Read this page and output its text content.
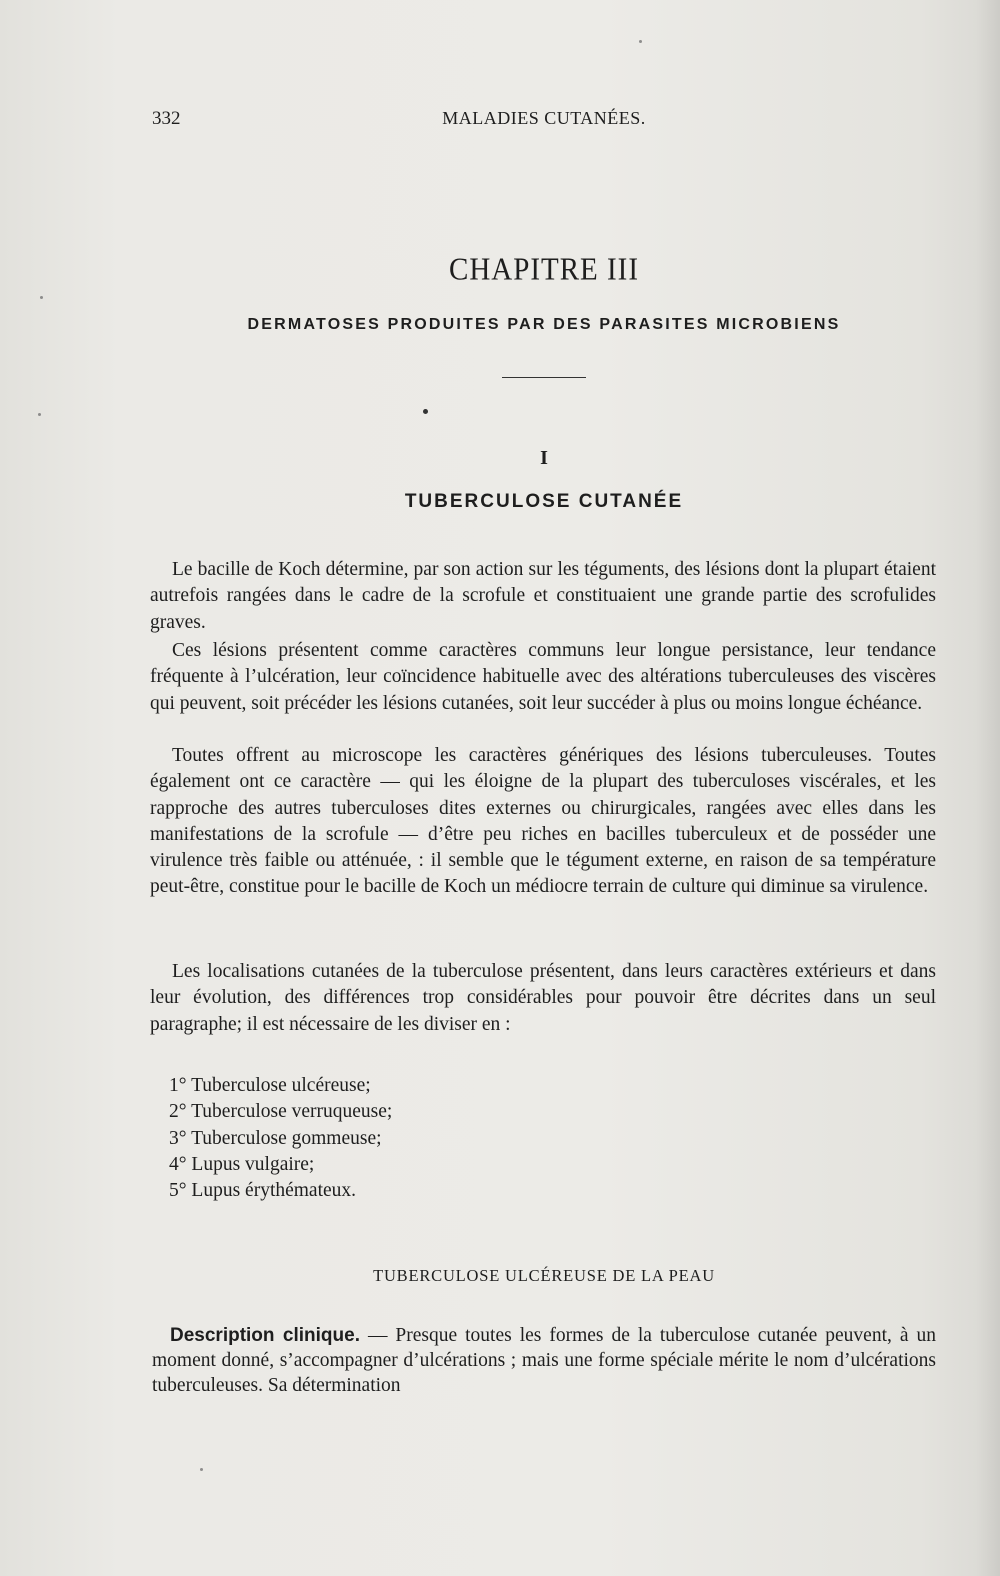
332	MALADIES CUTANÉES.
CHAPITRE III
DERMATOSES PRODUITES PAR DES PARASITES MICROBIENS
I
TUBERCULOSE CUTANÉE

Le bacille de Koch détermine, par son action sur les téguments, des lésions dont la plupart étaient autrefois rangées dans le cadre de la scrofule et constituaient une grande partie des scrofulides graves.

Ces lésions présentent comme caractères communs leur longue persistance, leur tendance fréquente à l’ulcération, leur coïncidence habituelle avec des altérations tuberculeuses des viscères qui peuvent, soit précéder les lésions cutanées, soit leur succéder à plus ou moins longue échéance.

Toutes offrent au microscope les caractères génériques des lésions tuberculeuses. Toutes également ont ce caractère — qui les éloigne de la plupart des tuberculoses viscérales, et les rapproche des autres tuberculoses dites externes ou chirurgicales, rangées avec elles dans les manifestations de la scrofule — d’être peu riches en bacilles tuberculeux et de posséder une virulence très faible ou atténuée, : il semble que le tégument externe, en raison de sa température peut-être, constitue pour le bacille de Koch un médiocre terrain de culture qui diminue sa virulence.

Les localisations cutanées de la tuberculose présentent, dans leurs caractères extérieurs et dans leur évolution, des différences trop considérables pour pouvoir être décrites dans un seul paragraphe; il est nécessaire de les diviser en :

1° Tuberculose ulcéreuse;
2° Tuberculose verruqueuse;
3° Tuberculose gommeuse;
4° Lupus vulgaire;
5° Lupus érythémateux.
TUBERCULOSE ULCÉREUSE DE LA PEAU

Description clinique. — Presque toutes les formes de la tuberculose cutanée peuvent, à un moment donné, s’accompagner d’ulcérations ; mais une forme spéciale mérite le nom d’ulcérations tuberculeuses. Sa détermination
